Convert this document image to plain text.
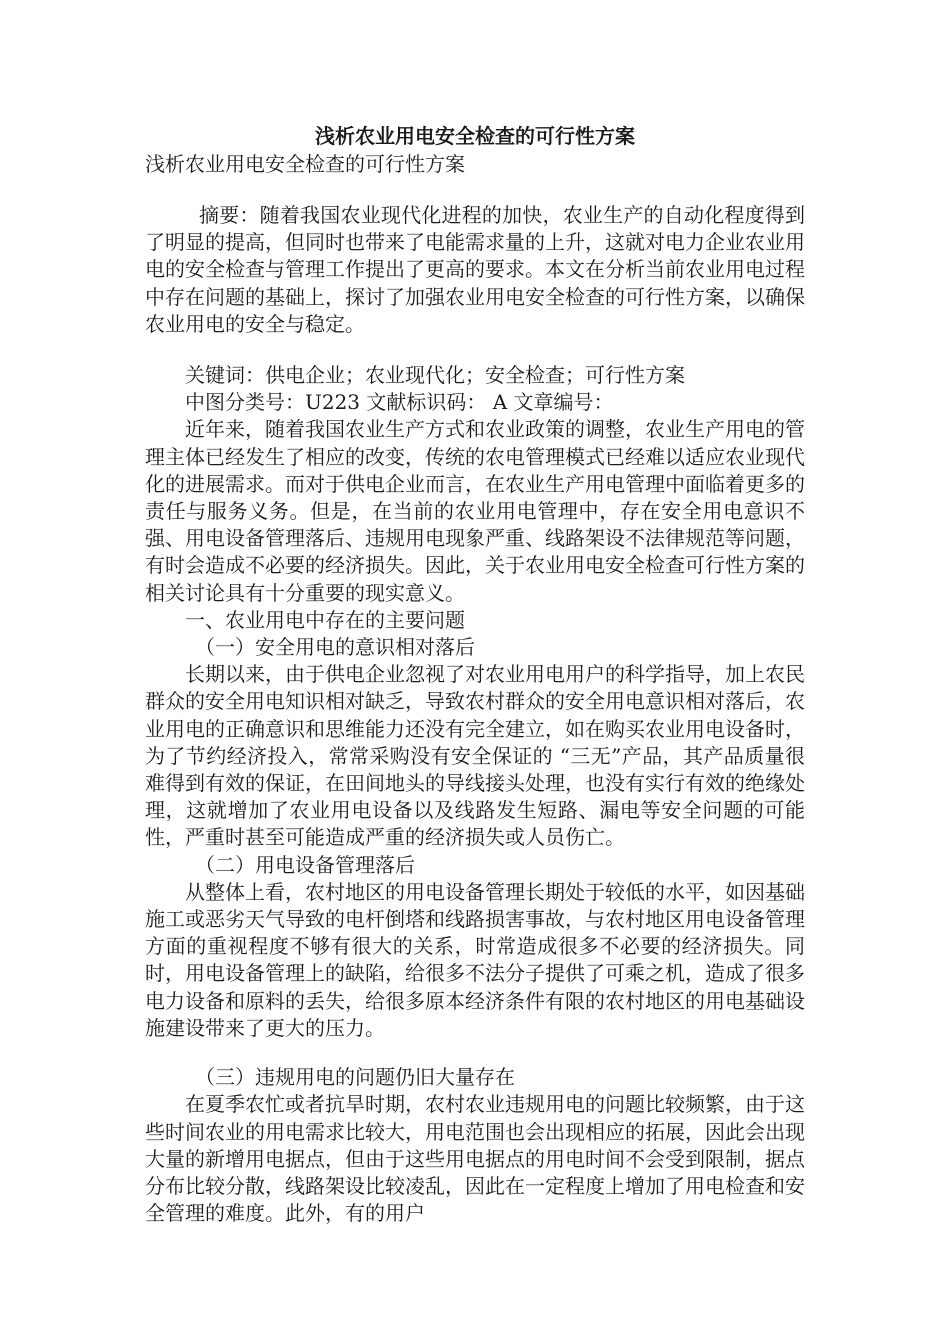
浅析农业用电安全检查的可行性方案

浅析农业用电安全检查的可行性方案

摘要：随着我国农业现代化进程的加快，农业生产的自动化程度得到了明显的提高，但同时也带来了电能需求量的上升，这就对电力企业农业用电的安全检查与管理工作提出了更高的要求。本文在分析当前农业用电过程中存在问题的基础上，探讨了加强农业用电安全检查的可行性方案，以确保农业用电的安全与稳定。

关键词：供电企业；农业现代化；安全检查；可行性方案

中图分类号：U223 文献标识码： A 文章编号：

近年来，随着我国农业生产方式和农业政策的调整，农业生产用电的管理主体已经发生了相应的改变，传统的农电管理模式已经难以适应农业现代化的进展需求。而对于供电企业而言，在农业生产用电管理中面临着更多的责任与服务义务。但是，在当前的农业用电管理中，存在安全用电意识不强、用电设备管理落后、违规用电现象严重、线路架设不法律规范等问题，有时会造成不必要的经济损失。因此，关于农业用电安全检查可行性方案的相关讨论具有十分重要的现实意义。

一、农业用电中存在的主要问题

（一）安全用电的意识相对落后

长期以来，由于供电企业忽视了对农业用电用户的科学指导，加上农民群众的安全用电知识相对缺乏，导致农村群众的安全用电意识相对落后，农业用电的正确意识和思维能力还没有完全建立，如在购买农业用电设备时，为了节约经济投入，常常采购没有安全保证的 “三无”产品，其产品质量很难得到有效的保证，在田间地头的导线接头处理，也没有实行有效的绝缘处理，这就增加了农业用电设备以及线路发生短路、漏电等安全问题的可能性，严重时甚至可能造成严重的经济损失或人员伤亡。

（二）用电设备管理落后

从整体上看，农村地区的用电设备管理长期处于较低的水平，如因基础施工或恶劣天气导致的电杆倒塔和线路损害事故，与农村地区用电设备管理方面的重视程度不够有很大的关系，时常造成很多不必要的经济损失。同时，用电设备管理上的缺陷，给很多不法分子提供了可乘之机，造成了很多电力设备和原料的丢失，给很多原本经济条件有限的农村地区的用电基础设施建设带来了更大的压力。

（三）违规用电的问题仍旧大量存在

在夏季农忙或者抗旱时期，农村农业违规用电的问题比较频繁，由于这些时间农业的用电需求比较大，用电范围也会出现相应的拓展，因此会出现大量的新增用电据点，但由于这些用电据点的用电时间不会受到限制，据点分布比较分散，线路架设比较凌乱，因此在一定程度上增加了用电检查和安全管理的难度。此外，有的用户
